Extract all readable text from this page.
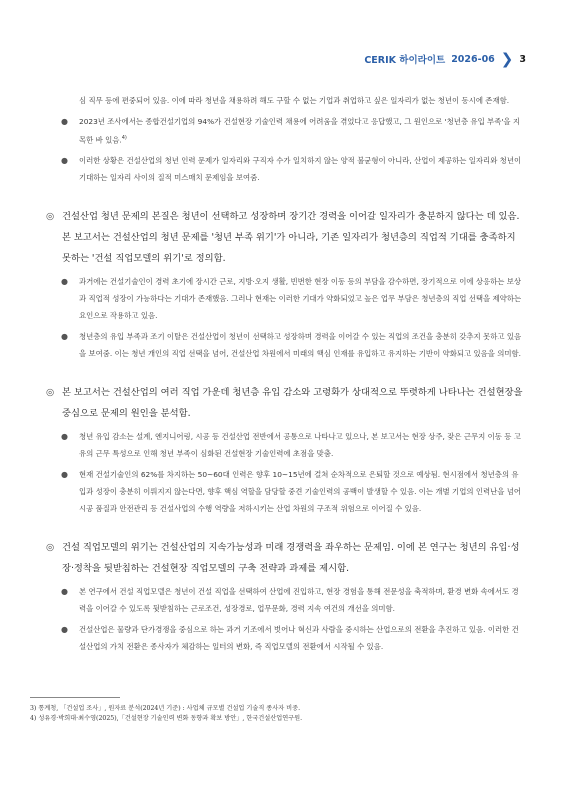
CERIK 하이라이트 2026-06 ❯ 3
심 직무 등에 편중되어 있음. 이에 따라 청년을 채용하려 해도 구할 수 없는 기업과 취업하고 싶은 일자리가 없는 청년이 동시에 존재함.
● 2023년 조사에서는 종합건설기업의 94%가 건설현장 기술인력 채용에 어려움을 겪었다고 응답했고, 그 원인으로 '청년층 유입 부족'을 지목한 바 있음.$^{4)}$
● 이러한 상황은 건설산업의 청년 인력 문제가 일자리와 구직자 수가 일치하지 않는 양적 불균형이 아니라, 산업이 제공하는 일자리와 청년이 기대하는 일자리 사이의 질적 미스매치 문제임을 보여줌.
◎ 건설산업 청년 문제의 본질은 청년이 선택하고 성장하며 장기간 경력을 이어갈 일자리가 충분하지 않다는 데 있음. 본 보고서는 건설산업의 청년 문제를 '청년 부족 위기'가 아니라, 기존 일자리가 청년층의 직업적 기대를 충족하지 못하는 '건설 직업모델의 위기'로 정의함.
● 과거에는 건설기술인이 경력 초기에 장시간 근로, 지방·오지 생활, 빈번한 현장 이동 등의 부담을 감수하면, 장기적으로 이에 상응하는 보상과 직업적 성장이 가능하다는 기대가 존재했음. 그러나 현재는 이러한 기대가 약화되었고 높은 업무 부담은 청년층의 직업 선택을 제약하는 요인으로 작용하고 있음.
● 청년층의 유입 부족과 조기 이탈은 건설산업이 청년이 선택하고 성장하며 경력을 이어갈 수 있는 직업의 조건을 충분히 갖추지 못하고 있음을 보여줌. 이는 청년 개인의 직업 선택을 넘어, 건설산업 차원에서 미래의 핵심 인재를 유입하고 유지하는 기반이 약화되고 있음을 의미함.
◎ 본 보고서는 건설산업의 여러 직업 가운데 청년층 유입 감소와 고령화가 상대적으로 뚜렷하게 나타나는 건설현장을 중심으로 문제의 원인을 분석함.
● 청년 유입 감소는 설계, 엔지니어링, 시공 등 건설산업 전반에서 공통으로 나타나고 있으나, 본 보고서는 현장 상주, 잦은 근무지 이동 등 고유의 근무 특성으로 인해 청년 부족이 심화된 건설현장 기술인력에 초점을 맞춤.
● 현재 건설기술인의 62%를 차지하는 50~60대 인력은 향후 10~15년에 걸쳐 순차적으로 은퇴할 것으로 예상됨. 현시점에서 청년층의 유입과 성장이 충분히 이뤄지지 않는다면, 향후 핵심 역할을 담당할 중견 기술인력의 공백이 발생할 수 있음. 이는 개별 기업의 인력난을 넘어 시공 품질과 안전관리 등 건설사업의 수행 역량을 저하시키는 산업 차원의 구조적 위험으로 이어질 수 있음.
◎ 건설 직업모델의 위기는 건설산업의 지속가능성과 미래 경쟁력을 좌우하는 문제임. 이에 본 연구는 청년의 유입·성장·정착을 뒷받침하는 건설현장 직업모델의 구축 전략과 과제를 제시함.
● 본 연구에서 건설 직업모델은 청년이 건설 직업을 선택하여 산업에 진입하고, 현장 경험을 통해 전문성을 축적하며, 환경 변화 속에서도 경력을 이어갈 수 있도록 뒷받침하는 근로조건, 성장경로, 업무문화, 경력 지속 여건의 개선을 의미함.
● 건설산업은 물량과 단가경쟁을 중심으로 하는 과거 기조에서 벗어나 혁신과 사람을 중시하는 산업으로의 전환을 추진하고 있음. 이러한 건설산업의 가치 전환은 종사자가 체감하는 일터의 변화, 즉 직업모델의 전환에서 시작될 수 있음.
3) 통계청, 「건설업 조사」, 원자료 분석(2024년 기준) : 사업체 규모별 건설업 기술직 종사자 비중.
4) 성유경·박희대·최수영(2025),「건설현장 기술인력 변화 동향과 확보 방안」, 한국건설산업연구원.
